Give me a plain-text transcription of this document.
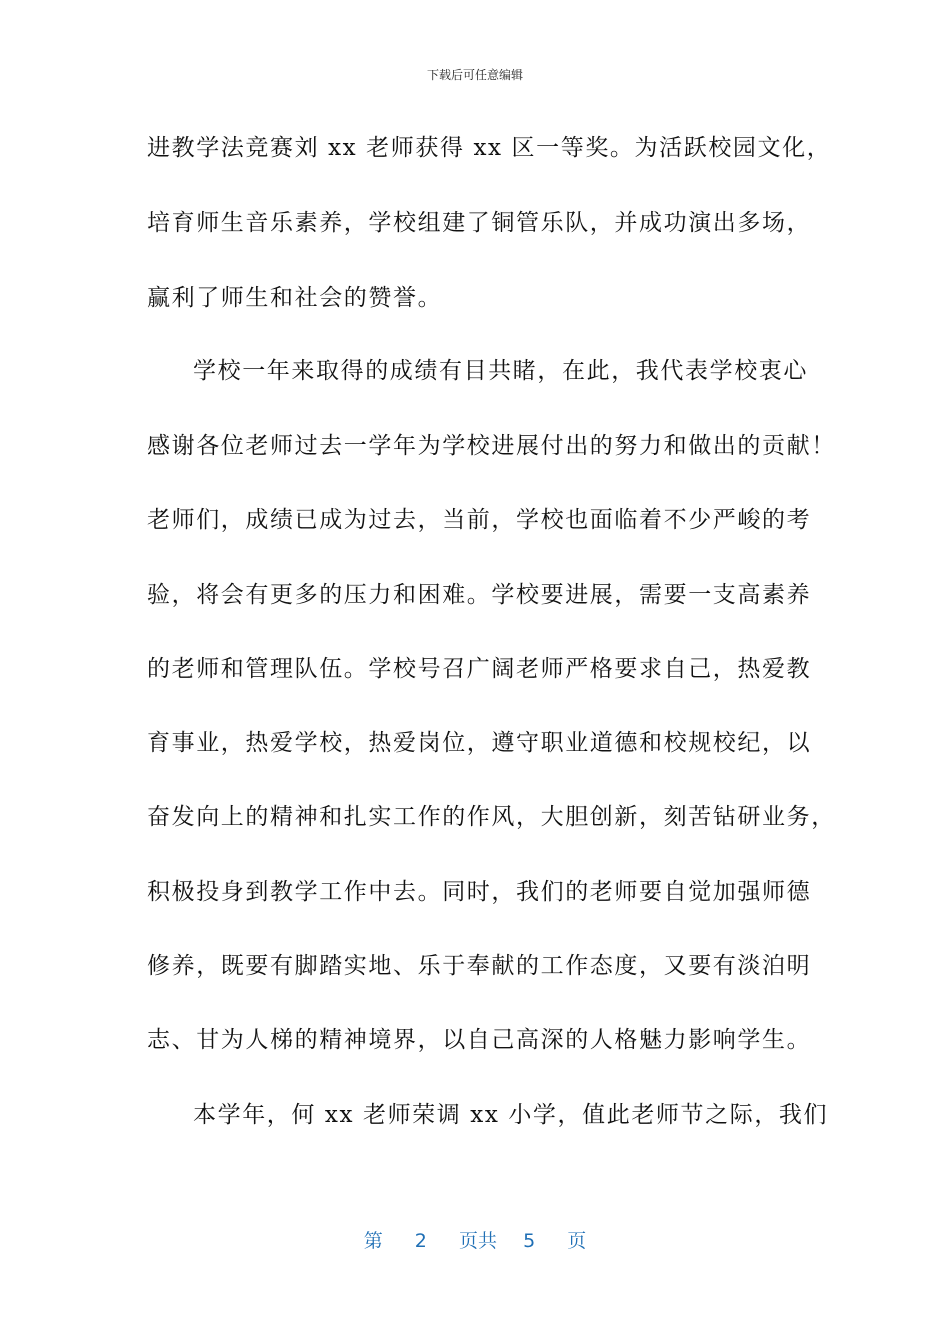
下载后可任意编辑
进教学法竞赛刘 xx 老师获得 xx 区一等奖。为活跃校园文化，
培育师生音乐素养，学校组建了铜管乐队，并成功演出多场，
赢利了师生和社会的赞誉。
学校一年来取得的成绩有目共睹，在此，我代表学校衷心
感谢各位老师过去一学年为学校进展付出的努力和做出的贡献！
老师们，成绩已成为过去，当前，学校也面临着不少严峻的考
验，将会有更多的压力和困难。学校要进展，需要一支高素养
的老师和管理队伍。学校号召广阔老师严格要求自己，热爱教
育事业，热爱学校，热爱岗位，遵守职业道德和校规校纪，以
奋发向上的精神和扎实工作的作风，大胆创新，刻苦钻研业务，
积极投身到教学工作中去。同时，我们的老师要自觉加强师德
修养，既要有脚踏实地、乐于奉献的工作态度，又要有淡泊明
志、甘为人梯的精神境界，以自己高深的人格魅力影响学生。
本学年，何 xx 老师荣调 xx 小学，值此老师节之际，我们
第 2 页共 5 页
